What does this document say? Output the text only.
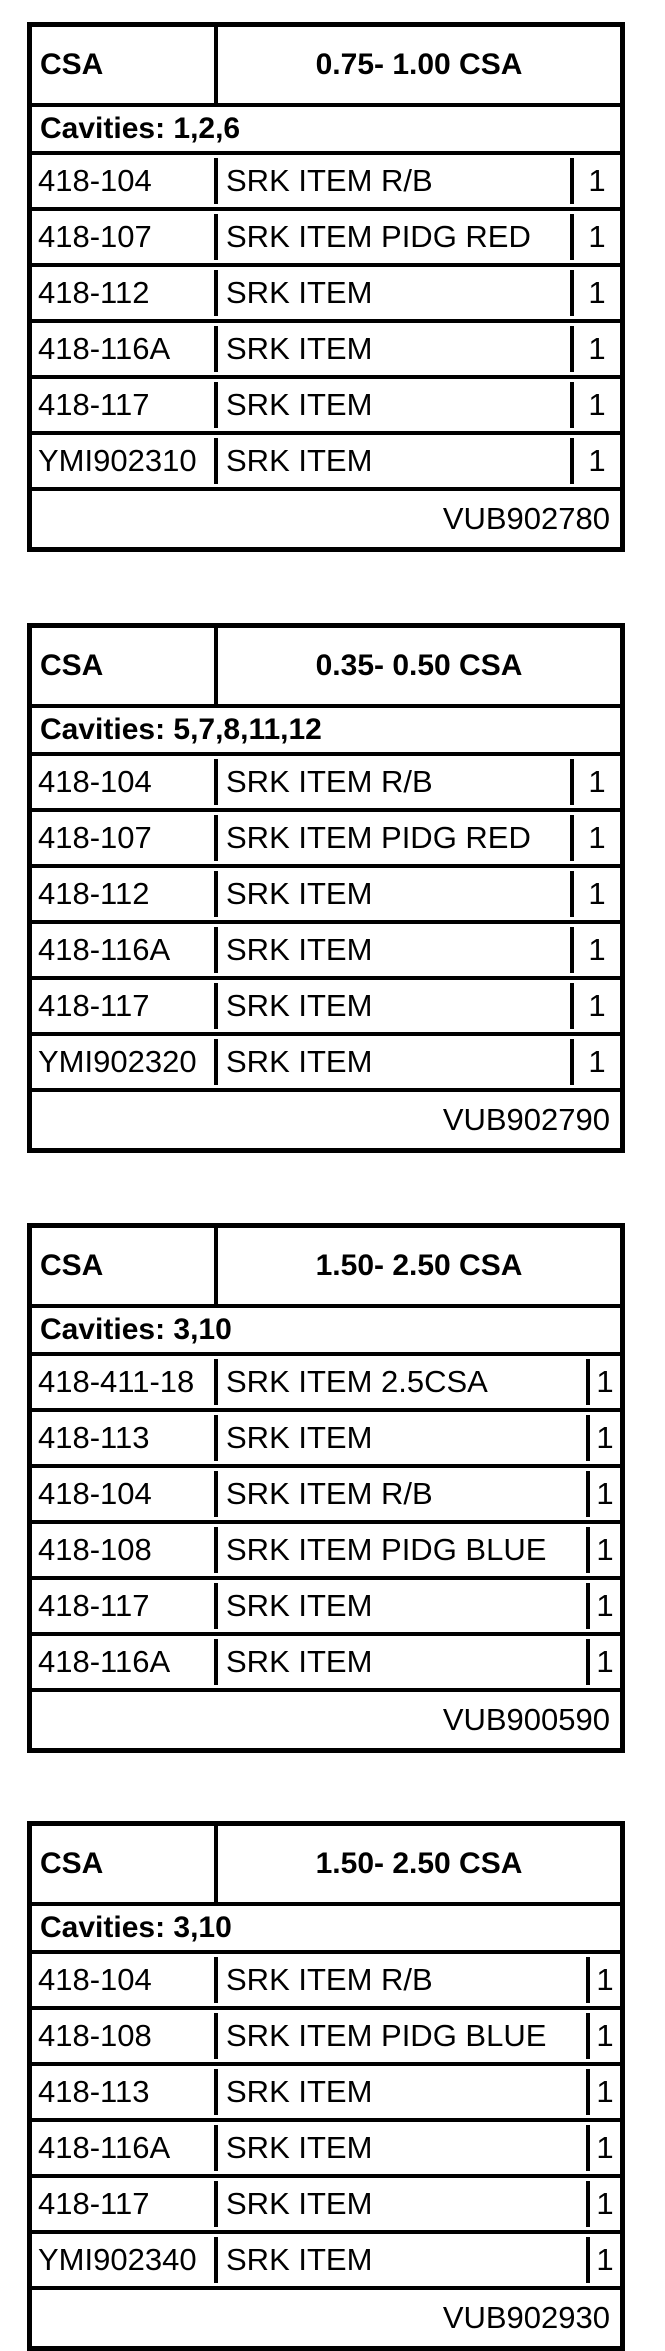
CSA	0.75- 1.00 CSA
Cavities: 1,2,6
418-104	SRK ITEM R/B	1
418-107	SRK ITEM PIDG RED	1
418-112	SRK ITEM	1
418-116A	SRK ITEM	1
418-117	SRK ITEM	1
YMI902310 SRK ITEM	1
VUB902780
CSA	0.35- 0.50 CSA
Cavities: 5,7,8,11,12
418-104	SRK ITEM R/B	1
418-107	SRK ITEM PIDG RED	1
418-112	SRK ITEM	1
418-116A	SRK ITEM	1
418-117	SRK ITEM	1
YMI902320 SRK ITEM	1
VUB902790
CSA	1.50- 2.50 CSA
Cavities: 3,10
418-411-18	SRK ITEM 2.5CSA	1
418-113	SRK ITEM	1
418-104	SRK ITEM R/B	1
418-108	SRK ITEM PIDG BLUE	1
418-117	SRK ITEM	1
418-116A	SRK ITEM	1
VUB900590
CSA	1.50- 2.50 CSA
Cavities: 3,10
418-104	SRK ITEM R/B	1
418-108	SRK ITEM PIDG BLUE	1
418-113	SRK ITEM	1
418-116A	SRK ITEM	1
418-117	SRK ITEM	1
YMI902340 SRK ITEM	1
VUB902930
